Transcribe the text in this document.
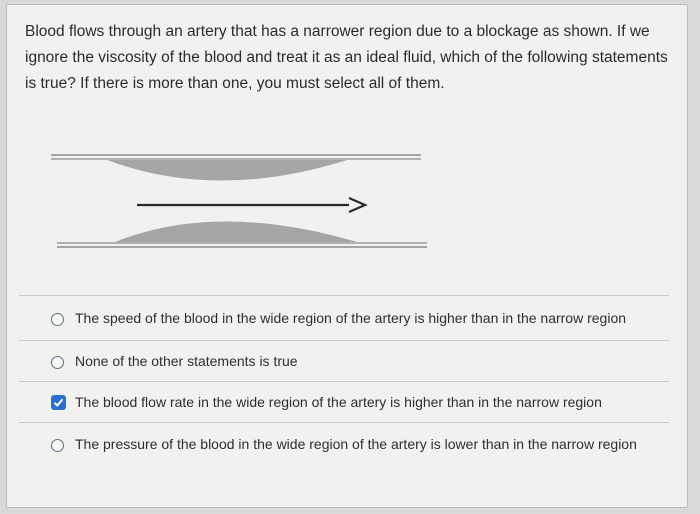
Blood flows through an artery that has a narrower region due to a blockage as shown. If we ignore the viscosity of the blood and treat it as an ideal fluid, which of the following statements is true? If there is more than one, you must select all of them.
The speed of the blood in the wide region of the artery is higher than in the narrow region
None of the other statements is true
The blood flow rate in the wide region of the artery is higher than in the narrow region
The pressure of the blood in the wide region of the artery is lower than in the narrow region
